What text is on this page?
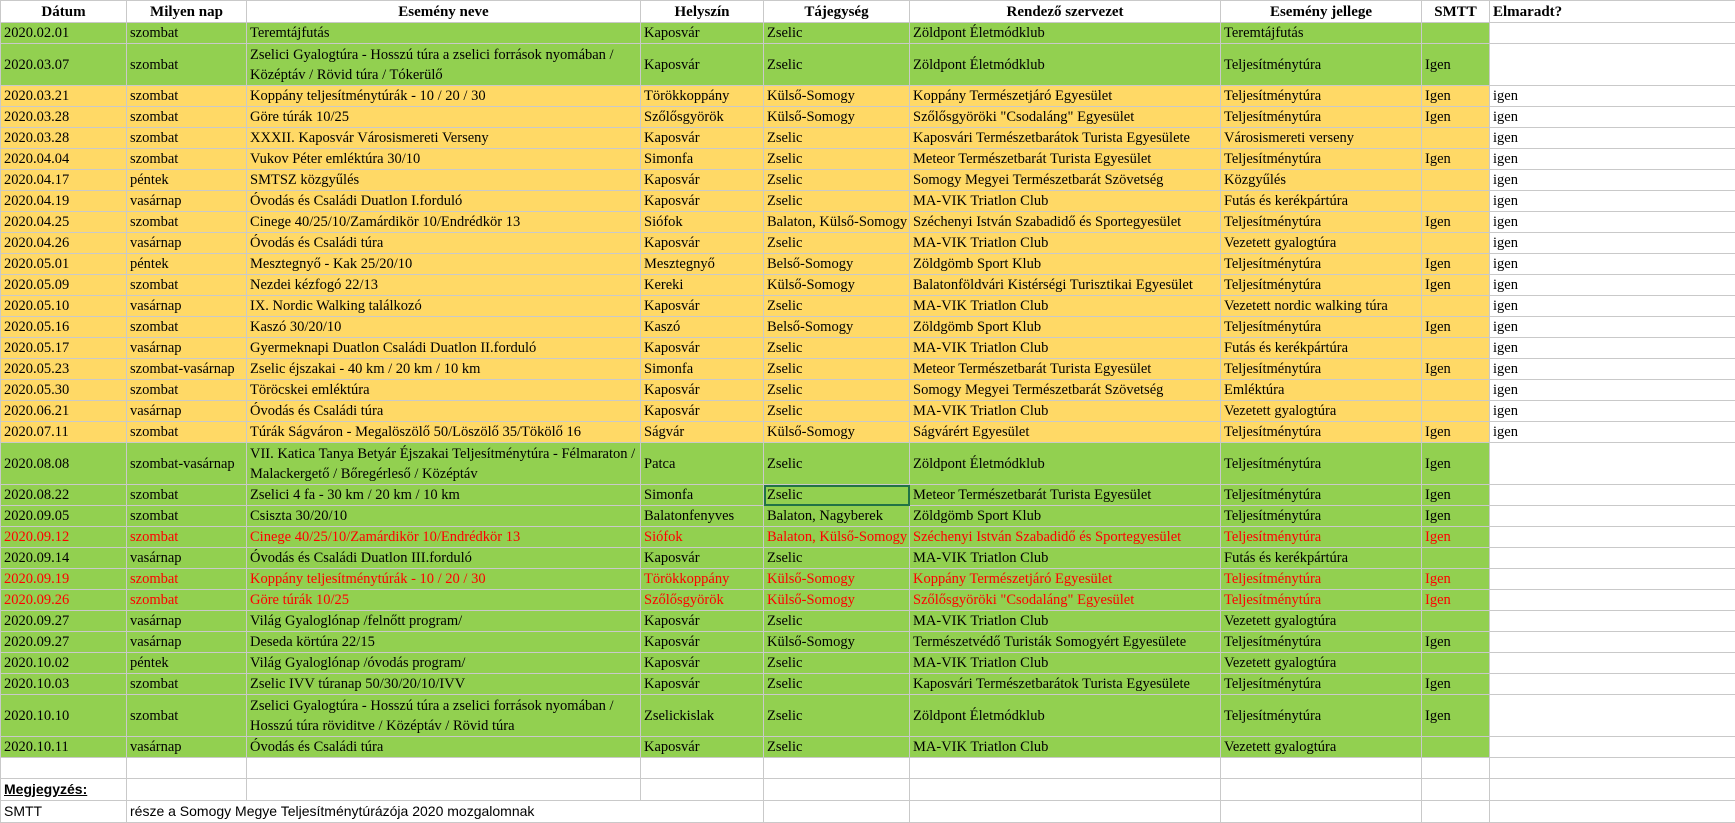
Dátum	Milyen nap	Esemény neve	Helyszín	Tájegység	Rendező szervezet	Esemény jellege	SMTT	Elmaradt?
2020.02.01	szombat	Teremtájfutás	Kaposvár	Zselic	Zöldpont Életmódklub	Teremtájfutás		
2020.03.07	szombat	Zselici Gyalogtúra - Hosszú túra a zselici források nyomában / Középtáv / Rövid túra / Tókerülő	Kaposvár	Zselic	Zöldpont Életmódklub	Teljesítménytúra	Igen	
2020.03.21	szombat	Koppány teljesítménytúrák - 10 / 20 / 30	Törökkoppány	Külső-Somogy	Koppány Természetjáró Egyesület	Teljesítménytúra	Igen	igen
2020.03.28	szombat	Göre túrák 10/25	Szőlősgyörök	Külső-Somogy	Szőlősgyöröki "Csodaláng" Egyesület	Teljesítménytúra	Igen	igen
2020.03.28	szombat	XXXII. Kaposvár Városismereti Verseny	Kaposvár	Zselic	Kaposvári Természetbarátok Turista Egyesülete	Városismereti verseny		igen
2020.04.04	szombat	Vukov Péter emléktúra 30/10	Simonfa	Zselic	Meteor Természetbarát Turista Egyesület	Teljesítménytúra	Igen	igen
2020.04.17	péntek	SMTSZ közgyűlés	Kaposvár	Zselic	Somogy Megyei Természetbarát Szövetség	Közgyűlés		igen
2020.04.19	vasárnap	Óvodás és Családi Duatlon I.forduló	Kaposvár	Zselic	MA-VIK Triatlon Club	Futás és kerékpártúra		igen
2020.04.25	szombat	Cinege 40/25/10/Zamárdikör 10/Endrédkör 13	Siófok	Balaton, Külső-Somogy	Széchenyi István Szabadidő és Sportegyesület	Teljesítménytúra	Igen	igen
2020.04.26	vasárnap	Óvodás és Családi túra	Kaposvár	Zselic	MA-VIK Triatlon Club	Vezetett gyalogtúra		igen
2020.05.01	péntek	Mesztegnyő - Kak 25/20/10	Mesztegnyő	Belső-Somogy	Zöldgömb Sport Klub	Teljesítménytúra	Igen	igen
2020.05.09	szombat	Nezdei kézfogó 22/13	Kereki	Külső-Somogy	Balatonföldvári Kistérségi Turisztikai Egyesület	Teljesítménytúra	Igen	igen
2020.05.10	vasárnap	IX. Nordic Walking találkozó	Kaposvár	Zselic	MA-VIK Triatlon Club	Vezetett nordic walking túra		igen
2020.05.16	szombat	Kaszó 30/20/10	Kaszó	Belső-Somogy	Zöldgömb Sport Klub	Teljesítménytúra	Igen	igen
2020.05.17	vasárnap	Gyermeknapi Duatlon Családi Duatlon II.forduló	Kaposvár	Zselic	MA-VIK Triatlon Club	Futás és kerékpártúra		igen
2020.05.23	szombat-vasárnap	Zselic éjszakai - 40 km / 20 km / 10 km	Simonfa	Zselic	Meteor Természetbarát Turista Egyesület	Teljesítménytúra	Igen	igen
2020.05.30	szombat	Töröcskei emléktúra	Kaposvár	Zselic	Somogy Megyei Természetbarát Szövetség	Emléktúra		igen
2020.06.21	vasárnap	Óvodás és Családi túra	Kaposvár	Zselic	MA-VIK Triatlon Club	Vezetett gyalogtúra		igen
2020.07.11	szombat	Túrák Ságváron - Megalöszölő 50/Löszölő 35/Tökölő 16	Ságvár	Külső-Somogy	Ságvárért Egyesület	Teljesítménytúra	Igen	igen
2020.08.08	szombat-vasárnap	VII. Katica Tanya Betyár Éjszakai Teljesítménytúra - Félmaraton / Malackergető / Bőregérleső / Középtáv	Patca	Zselic	Zöldpont Életmódklub	Teljesítménytúra	Igen	
2020.08.22	szombat	Zselici 4 fa - 30 km / 20 km / 10 km	Simonfa	Zselic	Meteor Természetbarát Turista Egyesület	Teljesítménytúra	Igen	
2020.09.05	szombat	Csiszta 30/20/10	Balatonfenyves	Balaton, Nagyberek	Zöldgömb Sport Klub	Teljesítménytúra	Igen	
2020.09.12	szombat	Cinege 40/25/10/Zamárdikör 10/Endrédkör 13	Siófok	Balaton, Külső-Somogy	Széchenyi István Szabadidő és Sportegyesület	Teljesítménytúra	Igen	
2020.09.14	vasárnap	Óvodás és Családi Duatlon III.forduló	Kaposvár	Zselic	MA-VIK Triatlon Club	Futás és kerékpártúra		
2020.09.19	szombat	Koppány teljesítménytúrák - 10 / 20 / 30	Törökkoppány	Külső-Somogy	Koppány Természetjáró Egyesület	Teljesítménytúra	Igen	
2020.09.26	szombat	Göre túrák 10/25	Szőlősgyörök	Külső-Somogy	Szőlősgyöröki "Csodaláng" Egyesület	Teljesítménytúra	Igen	
2020.09.27	vasárnap	Világ Gyaloglónap /felnőtt program/	Kaposvár	Zselic	MA-VIK Triatlon Club	Vezetett gyalogtúra		
2020.09.27	vasárnap	Deseda körtúra 22/15	Kaposvár	Külső-Somogy	Természetvédő Turisták Somogyért Egyesülete	Teljesítménytúra	Igen	
2020.10.02	péntek	Világ Gyaloglónap /óvodás program/	Kaposvár	Zselic	MA-VIK Triatlon Club	Vezetett gyalogtúra		
2020.10.03	szombat	Zselic IVV túranap 50/30/20/10/IVV	Kaposvár	Zselic	Kaposvári Természetbarátok Turista Egyesülete	Teljesítménytúra	Igen	
2020.10.10	szombat	Zselici Gyalogtúra - Hosszú túra a zselici források nyomában / Hosszú túra röviditve / Középtáv / Rövid túra	Zselickislak	Zselic	Zöldpont Életmódklub	Teljesítménytúra	Igen	
2020.10.11	vasárnap	Óvodás és Családi túra	Kaposvár	Zselic	MA-VIK Triatlon Club	Vezetett gyalogtúra		

Megjegyzés:								
SMTT	része a Somogy Megye Teljesítménytúrázója 2020 mozgalomnak							
